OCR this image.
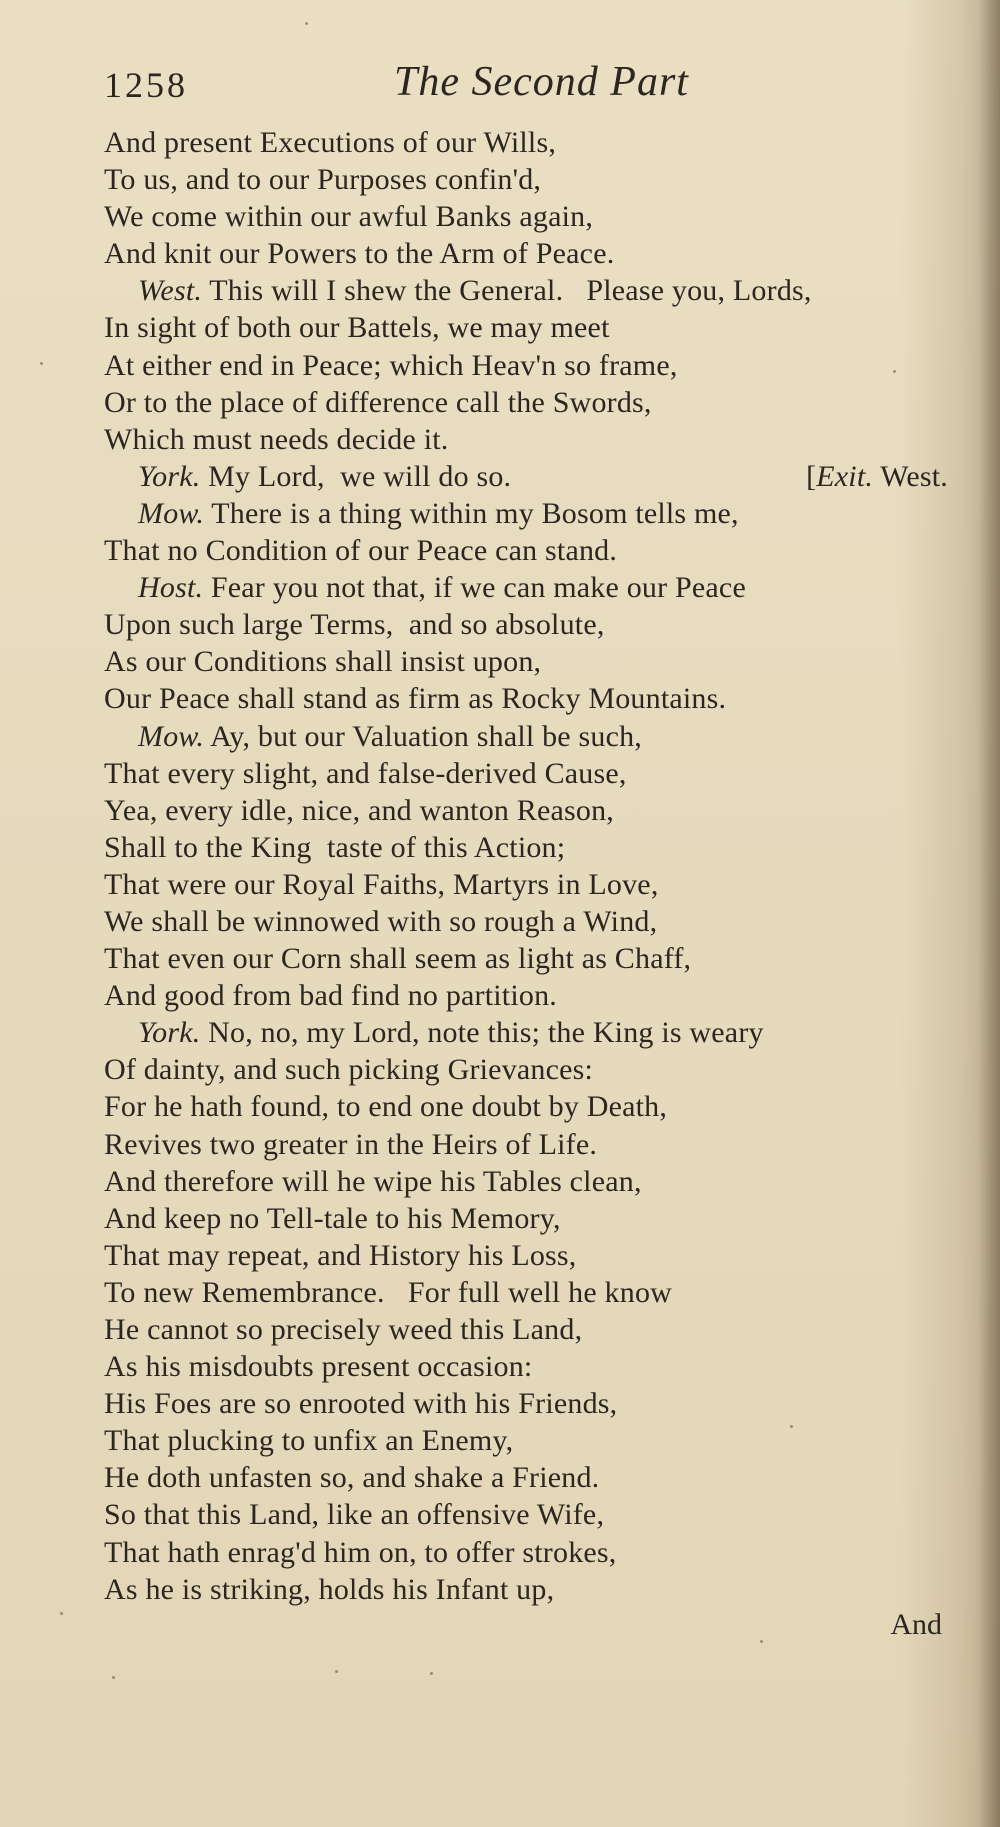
1258	The Second Part
And present Executions of our Wills,
To us, and to our Purposes confin'd,
We come within our awful Banks again,
And knit our Powers to the Arm of Peace.
West. This will I shew the General.   Please you, Lords,
In sight of both our Battels, we may meet
At either end in Peace; which Heav'n so frame,
Or to the place of difference call the Swords,
Which must needs decide it.
York. My Lord,  we will do so.	[Exit. West.
Mow. There is a thing within my Bosom tells me,
That no Condition of our Peace can stand.
Host. Fear you not that, if we can make our Peace
Upon such large Terms,  and so absolute,
As our Conditions shall insist upon,
Our Peace shall stand as firm as Rocky Mountains.
Mow. Ay, but our Valuation shall be such,
That every slight, and false-derived Cause,
Yea, every idle, nice, and wanton Reason,
Shall to the King  taste of this Action;
That were our Royal Faiths, Martyrs in Love,
We shall be winnowed with so rough a Wind,
That even our Corn shall seem as light as Chaff,
And good from bad find no partition.
York. No, no, my Lord, note this; the King is weary
Of dainty, and such picking Grievances:
For he hath found, to end one doubt by Death,
Revives two greater in the Heirs of Life.
And therefore will he wipe his Tables clean,
And keep no Tell-tale to his Memory,
That may repeat, and History his Loss,
To new Remembrance.   For full well he know
He cannot so precisely weed this Land,
As his misdoubts present occasion:
His Foes are so enrooted with his Friends,
That plucking to unfix an Enemy,
He doth unfasten so, and shake a Friend.
So that this Land, like an offensive Wife,
That hath enrag'd him on, to offer strokes,
As he is striking, holds his Infant up,
And
